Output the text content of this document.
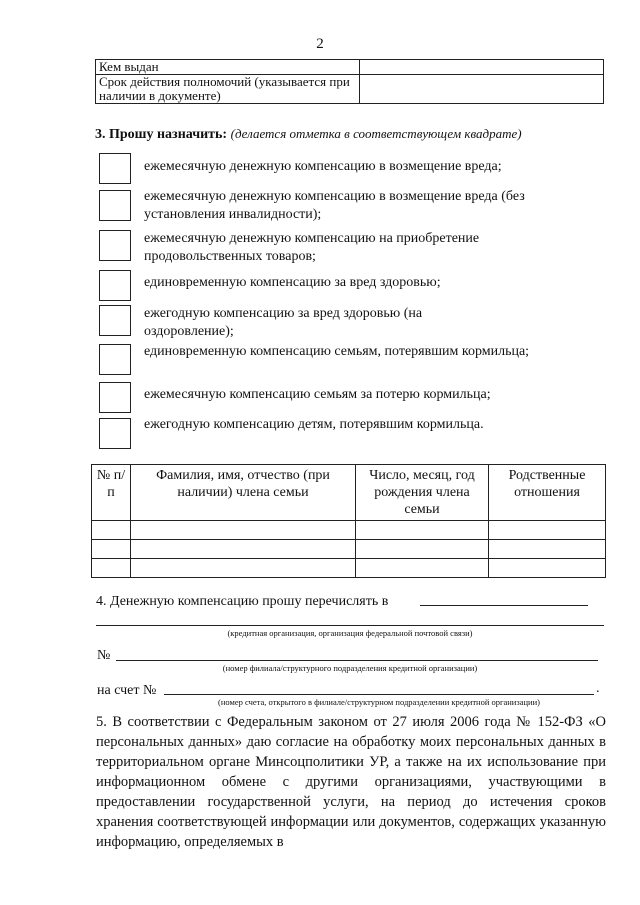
2
Кем выдан	
Срок действия полномочий (указывается при наличии в документе)	
3. Прошу назначить: (делается отметка в соответствующем квадрате)
ежемесячную денежную компенсацию в возмещение вреда;
ежемесячную денежную компенсацию в возмещение вреда (без установления инвалидности);
ежемесячную денежную компенсацию на приобретение продовольственных товаров;
единовременную компенсацию за вред здоровью;
ежегодную компенсацию за вред здоровью (на оздоровление);
единовременную компенсацию семьям, потерявшим кормильца;
ежемесячную компенсацию семьям за потерю кормильца;
ежегодную компенсацию детям, потерявшим кормильца.
№ п/п	Фамилия, имя, отчество (при наличии) члена семьи	Число, месяц, год рождения члена семьи	Родственные отношения

4. Денежную компенсацию прошу перечислять в
(кредитная организация, организация федеральной почтовой связи)
№
(номер филиала/структурного подразделения кредитной организации)
на счет №	.
(номер счета, открытого в филиале/структурном подразделении кредитной организации)
5. В соответствии с Федеральным законом от 27 июля 2006 года № 152-ФЗ «О персональных данных» даю согласие на обработку моих персональных данных в территориальном органе Минсоцполитики УР, а также на их использование при информационном обмене с другими организациями, участвующими в предоставлении государственной услуги, на период до истечения сроков хранения соответствующей информации или документов, содержащих указанную информацию, определяемых в
